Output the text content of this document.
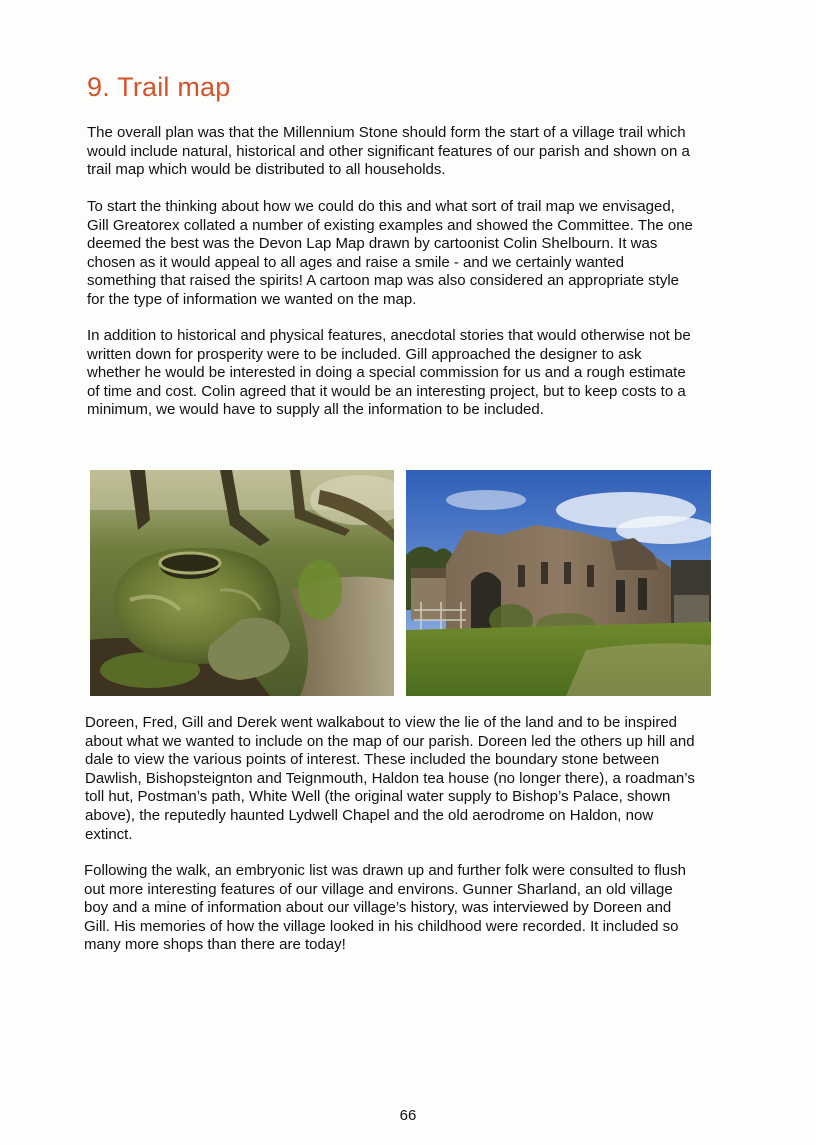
9. Trail map

The overall plan was that the Millennium Stone should form the start of a village trail which would include natural, historical and other significant features of our parish and shown on a trail map which would be distributed to all households.

To start the thinking about how we could do this and what sort of trail map we envisaged, Gill Greatorex collated a number of existing examples and showed the Committee. The one deemed the best was the Devon Lap Map drawn by cartoonist Colin Shelbourn. It was chosen as it would appeal to all ages and raise a smile - and we certainly wanted something that raised the spirits! A cartoon map was also considered an appropriate style for the type of information we wanted on the map.

In addition to historical and physical features, anecdotal stories that would otherwise not be written down for prosperity were to be included. Gill approached the designer to ask whether he would be interested in doing a special commission for us and a rough estimate of time and cost. Colin agreed that it would be an interesting project, but to keep costs to a minimum, we would have to supply all the information to be included.

Doreen, Fred, Gill and Derek went walkabout to view the lie of the land and to be inspired about what we wanted to include on the map of our parish. Doreen led the others up hill and dale to view the various points of interest. These included the boundary stone between Dawlish, Bishopsteignton and Teignmouth, Haldon tea house (no longer there), a roadman’s toll hut, Postman’s path, White Well (the original water supply to Bishop’s Palace, shown above), the reputedly haunted Lydwell Chapel and the old aerodrome on Haldon, now extinct.

Following the walk, an embryonic list was drawn up and further folk were consulted to flush out more interesting features of our village and environs. Gunner Sharland, an old village boy and a mine of information about our village’s history, was interviewed by Doreen and Gill. His memories of how the village looked in his childhood were recorded. It included so many more shops than there are today!

66
